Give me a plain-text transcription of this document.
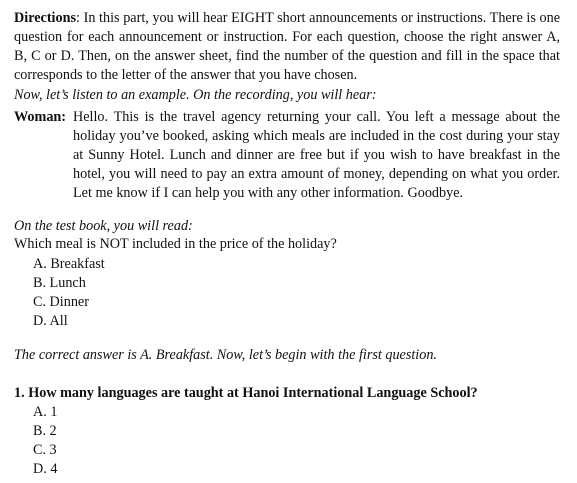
Directions: In this part, you will hear EIGHT short announcements or instructions. There is one question for each announcement or instruction. For each question, choose the right answer A, B, C or D. Then, on the answer sheet, find the number of the question and fill in the space that corresponds to the letter of the answer that you have chosen.
Now, let’s listen to an example. On the recording, you will hear:
Woman: Hello. This is the travel agency returning your call. You left a message about the holiday you’ve booked, asking which meals are included in the cost during your stay at Sunny Hotel. Lunch and dinner are free but if you wish to have breakfast in the hotel, you will need to pay an extra amount of money, depending on what you order. Let me know if I can help you with any other information. Goodbye.
On the test book, you will read:
Which meal is NOT included in the price of the holiday?
A. Breakfast
B. Lunch
C. Dinner
D. All
The correct answer is A. Breakfast. Now, let’s begin with the first question.
1. How many languages are taught at Hanoi International Language School?
A. 1
B. 2
C. 3
D. 4
